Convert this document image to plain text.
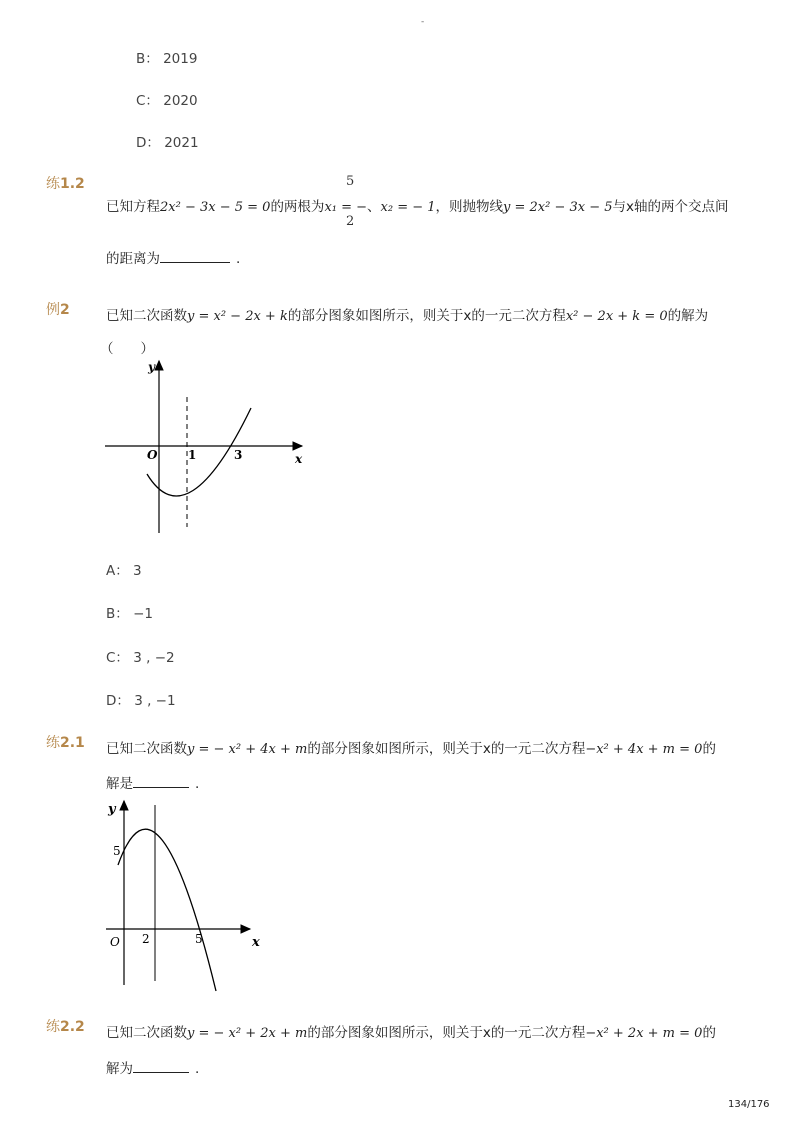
-
B： 2019
C： 2020
D： 2021
练1.2
已知方程2x² − 3x − 5 = 0的两根为x₁ = −、x₂ = − 1，则抛物线y = 2x² − 3x − 5与x轴的两个交点间
5
2
的距离为	.
例2	已知二次函数y = x² − 2x + k的部分图象如图所示，则关于x的一元二次方程x² − 2x + k = 0的解为
（　　）
y
x
O	1	3
A： 3
B： −1
C： 3 , −2
D： 3 , −1
练2.1 已知二次函数y = − x² + 4x + m的部分图象如图所示，则关于x的一元二次方程−x² + 4x + m = 0的
解是	.
y
x
O 2	5
5
练2.2 已知二次函数y = − x² + 2x + m的部分图象如图所示，则关于x的一元二次方程−x² + 2x + m = 0的
解为	.
134/176
